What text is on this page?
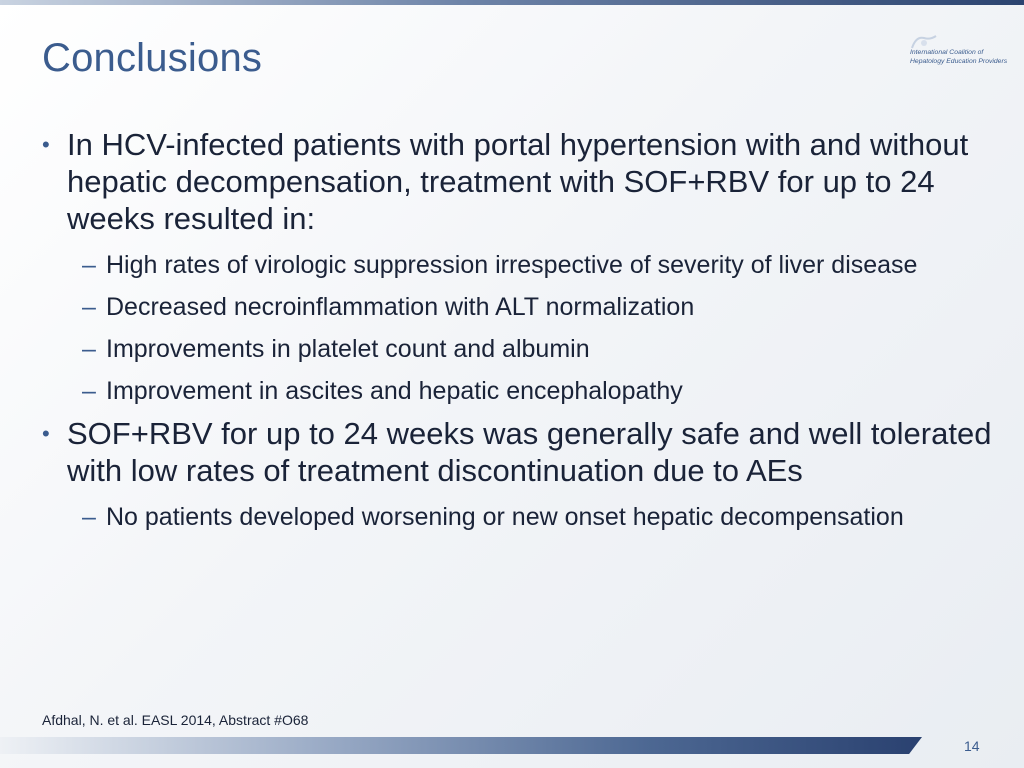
Conclusions	International Coalition of
Hepatology Education Providers
• In HCV-infected patients with portal hypertension with and without hepatic decompensation, treatment with SOF+RBV for up to 24 weeks resulted in:
– High rates of virologic suppression irrespective of severity of liver disease
– Decreased necroinflammation with ALT normalization
– Improvements in platelet count and albumin
– Improvement in ascites and hepatic encephalopathy
• SOF+RBV for up to 24 weeks was generally safe and well tolerated with low rates of treatment discontinuation due to AEs
– No patients developed worsening or new onset hepatic decompensation
Afdhal, N. et al. EASL 2014, Abstract #O68
14
